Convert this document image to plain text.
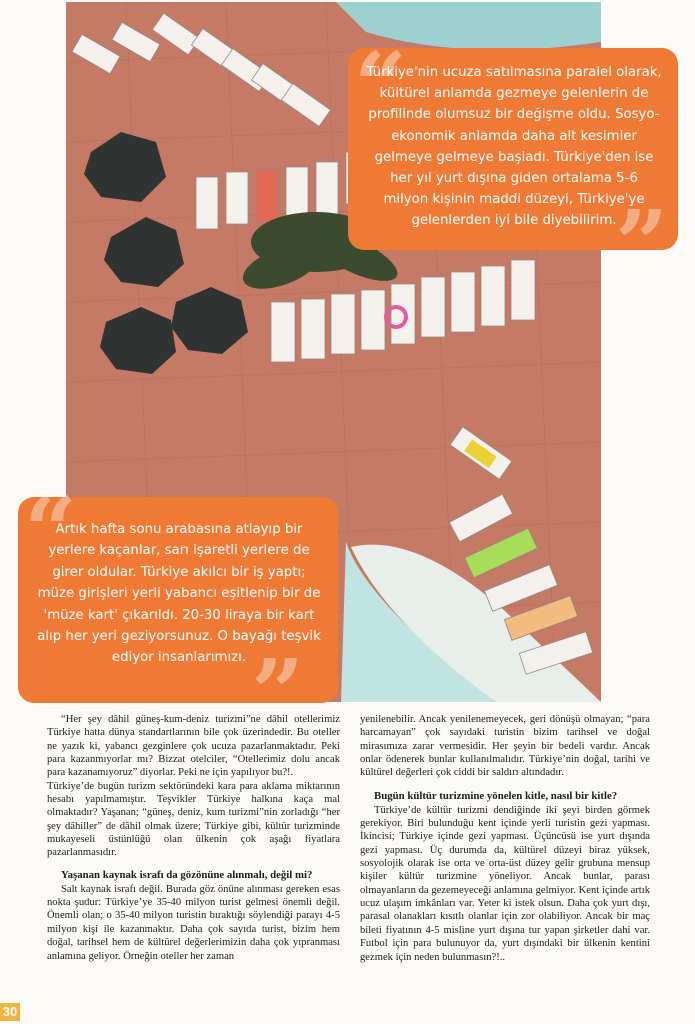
“

Türkiye'nin ucuza satılmasına paralel olarak, kültürel anlamda gezmeye gelenlerin de profilinde olumsuz bir değişme oldu. Sosyo-ekonomik anlamda daha alt kesimler gelmeye gelmeye başladı. Türkiye'den ise her yıl yurt dışına giden ortalama 5-6 milyon kişinin maddi düzeyi, Türkiye'ye gelenlerden iyi bile diyebilirim.

”
“

Artık hafta sonu arabasına atlayıp bir yerlere kaçanlar, sarı işaretli yerlere de girer oldular. Türkiye akılcı bir iş yaptı; müze girişleri yerli yabancı eşitlenip bir de 'müze kart' çıkarıldı. 20-30 liraya bir kart alıp her yeri geziyorsunuz. O bayağı teşvik ediyor insanlarımızı. ”

“Her şey dâhil güneş-kum-deniz turizmi”ne dâhil otellerimiz Türkiye hatta dünya standartlarının bile çok üzerindedir. Bu oteller ne yazık ki, yabancı gezginlere çok ucuza pazarlanmaktadır. Peki para kazanmıyorlar mı? Bizzat otelciler, “Otellerimiz dolu ancak para kazanamıyoruz” diyorlar. Peki ne için yapılıyor bu?!.

Türkiye’de bugün turizm sektöründeki kara para aklama miktarının hesabı yapılmamıştır. Teşvikler Türkiye halkına kaça mal olmaktadır? Yaşanan; “güneş, deniz, kum turizmi”nin zorladığı “her şey dâhiller” de dâhil olmak üzere; Türkiye gibi, kültür turizminde mukayeseli üstünlüğü olan ülkenin çok aşağı fiyatlara pazarlanmasıdır.

Yaşanan kaynak israfı da gözönüne alınmalı, değil mi?

Salt kaynak israfı değil. Burada göz önüne alınması gereken esas nokta şudur: Türkiye’ye 35-40 milyon turist gelmesi önemli değil. Önemli olan; o 35-40 milyon turistin bıraktığı söylendiği parayı 4-5 milyon kişi ile kazanmaktır. Daha çok sayıda turist, bizim hem doğal, tarihsel hem de kültürel değerlerimizin daha çok yıpranması anlamına geliyor. Örneğin oteller her zaman

yenilenebilir. Ancak yenilenemeyecek, geri dönüşü olmayan; “para harcamayan” çok sayıdaki turistin bizim tarihsel ve doğal mirasımıza zarar vermesidir. Her şeyin bir bedeli vardır. Ancak onlar ödenerek bunlar kullanılmalıdır. Türkiye’nin doğal, tarihi ve kültürel değerleri çok ciddi bir saldırı altındadır.

Bugün kültür turizmine yönelen kitle, nasıl bir kitle?

Türkiye’de kültür turizmi dendiğinde iki şeyi birden görmek gerekiyor. Biri bulunduğu kent içinde yerli turistin gezi yapması. İkincisi; Türkiye içinde gezi yapması. Üçüncüsü ise yurt dışında gezi yapması. Üç durumda da, kültürel düzeyi biraz yüksek, sosyolojik olarak ise orta ve orta-üst düzey gelir grubuna mensup kişiler kültür turizmine yöneliyor. Ancak bunlar, parası olmayanların da gezemeyeceği anlamına gelmiyor. Kent içinde artık ucuz ulaşım imkânları var. Yeter ki istek olsun. Daha çok yurt dışı, parasal olanakları kısıtlı olanlar için zor olabiliyor. Ancak bir maç bileti fiyatının 4-5 misline yurt dışına tur yapan şirketler dahi var. Futbol için para bulunuyor da, yurt dışındaki bir ülkenin kentini gezmek için neden bulunmasın?!..

30
